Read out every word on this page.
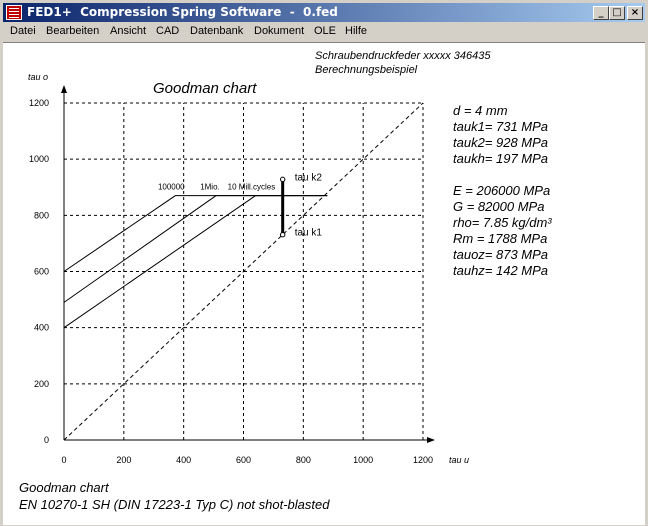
FED1+  Compression Spring Software  -  0.fed	_ □ ×
Datei Bearbeiten Ansicht CAD Datenbank Dokument OLE Hilfe
Schraubendruckfeder xxxxx 346435
Berechnungsbeispiel
Goodman chart
tau o
tau u
0	200	400	600	800	1000	1200
0
200
400
600
800
1000
1200
100000 1Mio. 10 Mill.cycles
tau k2
tau k1
d = 4 mm
tauk1= 731 MPa
tauk2= 928 MPa
taukh= 197 MPa
E = 206000 MPa
G = 82000 MPa
rho= 7.85 kg/dm³
Rm = 1788 MPa
tauoz= 873 MPa
tauhz= 142 MPa
Goodman chart
EN 10270-1 SH (DIN 17223-1 Typ C) not shot-blasted
